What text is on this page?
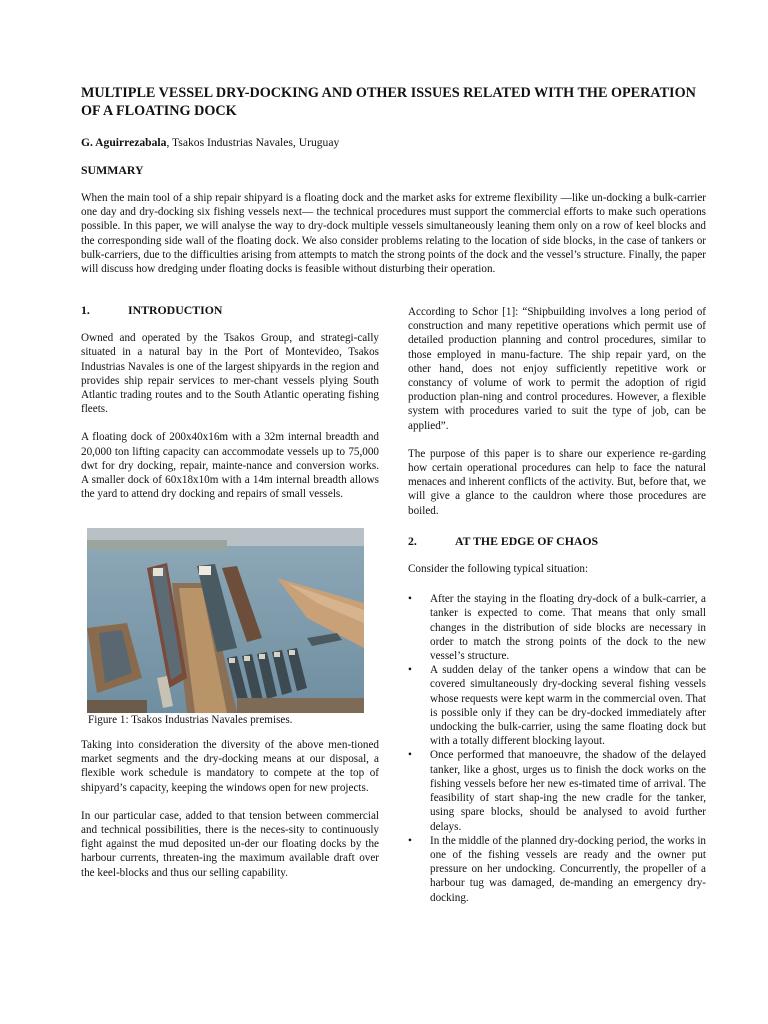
MULTIPLE VESSEL DRY-DOCKING AND OTHER ISSUES RELATED WITH THE OPERATION OF A FLOATING DOCK
G. Aguirrezabala, Tsakos Industrias Navales, Uruguay
SUMMARY

When the main tool of a ship repair shipyard is a floating dock and the market asks for extreme flexibility —like un-docking a bulk-carrier one day and dry-docking six fishing vessels next— the technical procedures must support the commercial efforts to make such operations possible. In this paper, we will analyse the way to dry-dock multiple vessels simultaneously leaning them only on a row of keel blocks and the corresponding side wall of the floating dock. We also consider problems relating to the location of side blocks, in the case of tankers or bulk-carriers, due to the difficulties arising from attempts to match the strong points of the dock and the vessel’s structure. Finally, the paper will discuss how dredging under floating docks is feasible without disturbing their operation.

1.	INTRODUCTION

Owned and operated by the Tsakos Group, and strategi-cally situated in a natural bay in the Port of Montevideo, Tsakos Industrias Navales is one of the largest shipyards in the region and provides ship repair services to mer-chant vessels plying South Atlantic trading routes and to the South Atlantic operating fishing fleets.

A floating dock of 200x40x16m with a 32m internal breadth and 20,000 ton lifting capacity can accommodate vessels up to 75,000 dwt for dry docking, repair, mainte-nance and conversion works. A smaller dock of 60x18x10m with a 14m internal breadth allows the yard to attend dry docking and repairs of small vessels.

Figure 1: Tsakos Industrias Navales premises.

Taking into consideration the diversity of the above men-tioned market segments and the dry-docking means at our disposal, a flexible work schedule is mandatory to compete at the top of shipyard’s capacity, keeping the windows open for new projects.

In our particular case, added to that tension between commercial and technical possibilities, there is the neces-sity to continuously fight against the mud deposited un-der our floating docks by the harbour currents, threaten-ing the maximum available draft over the keel-blocks and thus our selling capability.

According to Schor [1]: “Shipbuilding involves a long period of construction and many repetitive operations which permit use of detailed production planning and control procedures, similar to those employed in manu-facture. The ship repair yard, on the other hand, does not enjoy sufficiently repetitive work or constancy of volume of work to permit the adoption of rigid production plan-ning and control procedures. However, a flexible system with procedures varied to suit the type of job, can be applied”.

The purpose of this paper is to share our experience re-garding how certain operational procedures can help to face the natural menaces and inherent conflicts of the activity. But, before that, we will give a glance to the cauldron where those procedures are boiled.

2.	AT THE EDGE OF CHAOS

Consider the following typical situation:

•	After the staying in the floating dry-dock of a bulk-carrier, a tanker is expected to come. That means that only small changes in the distribution of side blocks are necessary in order to match the strong points of the dock to the new vessel’s structure.
•	A sudden delay of the tanker opens a window that can be covered simultaneously dry-docking several fishing vessels whose requests were kept warm in the commercial oven. That is possible only if they can be dry-docked immediately after undocking the bulk-carrier, using the same floating dock but with a totally different blocking layout.
•	Once performed that manoeuvre, the shadow of the delayed tanker, like a ghost, urges us to finish the dock works on the fishing vessels before her new es-timated time of arrival. The feasibility of start shap-ing the new cradle for the tanker, using spare blocks, should be analysed to avoid further delays.
•	In the middle of the planned dry-docking period, the works in one of the fishing vessels are ready and the owner put pressure on her undocking. Concurrently, the propeller of a harbour tug was damaged, de-manding an emergency dry-docking.
